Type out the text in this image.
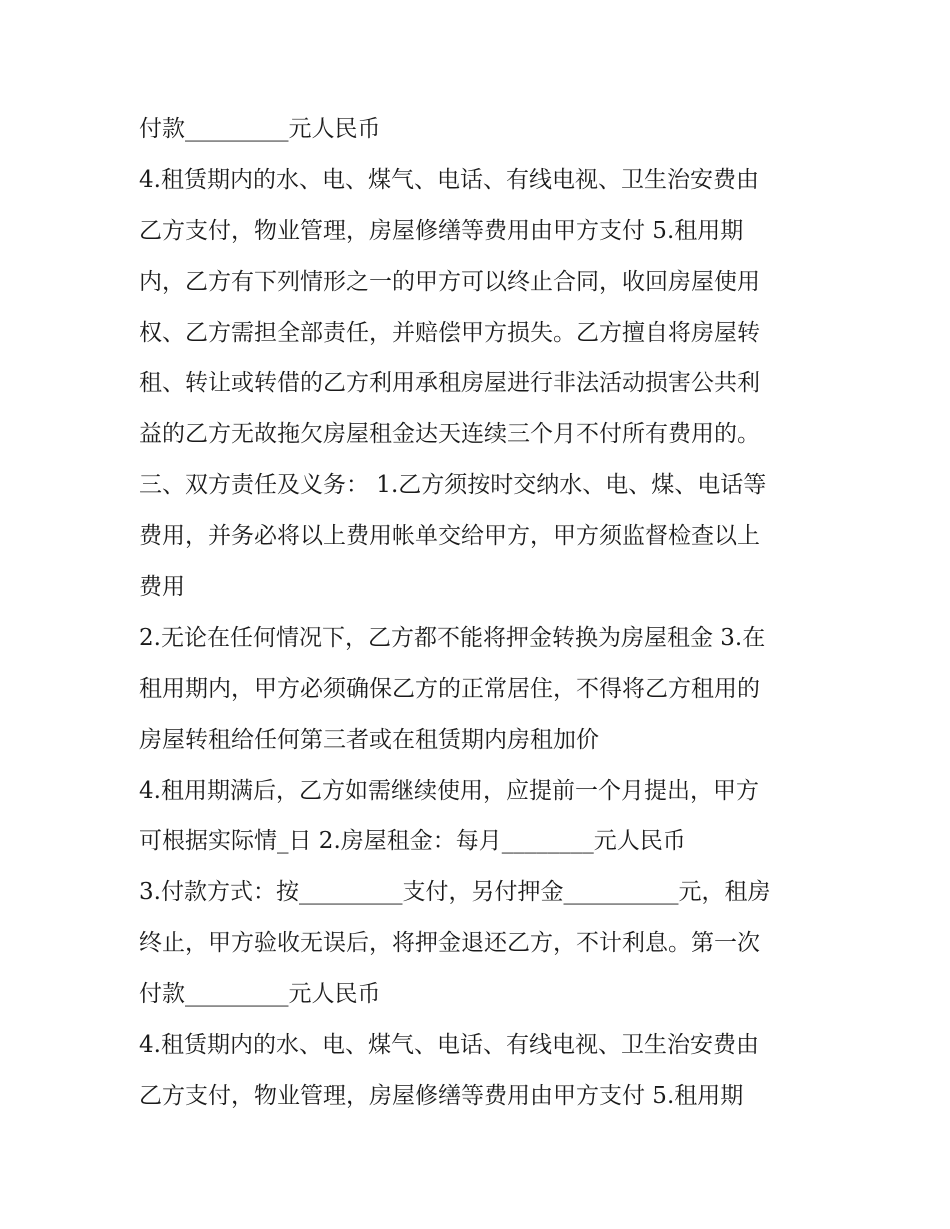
付款_________元人民币
4.租赁期内的水、电、煤气、电话、有线电视、卫生治安费由
乙方支付，物业管理，房屋修缮等费用由甲方支付 5.租用期
内，乙方有下列情形之一的甲方可以终止合同，收回房屋使用
权、乙方需担全部责任，并赔偿甲方损失。乙方擅自将房屋转
租、转让或转借的乙方利用承租房屋进行非法活动损害公共利
益的乙方无故拖欠房屋租金达天连续三个月不付所有费用的。
三、双方责任及义务： 1.乙方须按时交纳水、电、煤、电话等
费用，并务必将以上费用帐单交给甲方，甲方须监督检查以上
费用
2.无论在任何情况下，乙方都不能将押金转换为房屋租金 3.在
租用期内，甲方必须确保乙方的正常居住，不得将乙方租用的
房屋转租给任何第三者或在租赁期内房租加价
4.租用期满后，乙方如需继续使用，应提前一个月提出，甲方
可根据实际情_日 2.房屋租金：每月________元人民币
3.付款方式：按_________支付，另付押金__________元，租房
终止，甲方验收无误后，将押金退还乙方，不计利息。第一次
付款_________元人民币
4.租赁期内的水、电、煤气、电话、有线电视、卫生治安费由
乙方支付，物业管理，房屋修缮等费用由甲方支付 5.租用期
